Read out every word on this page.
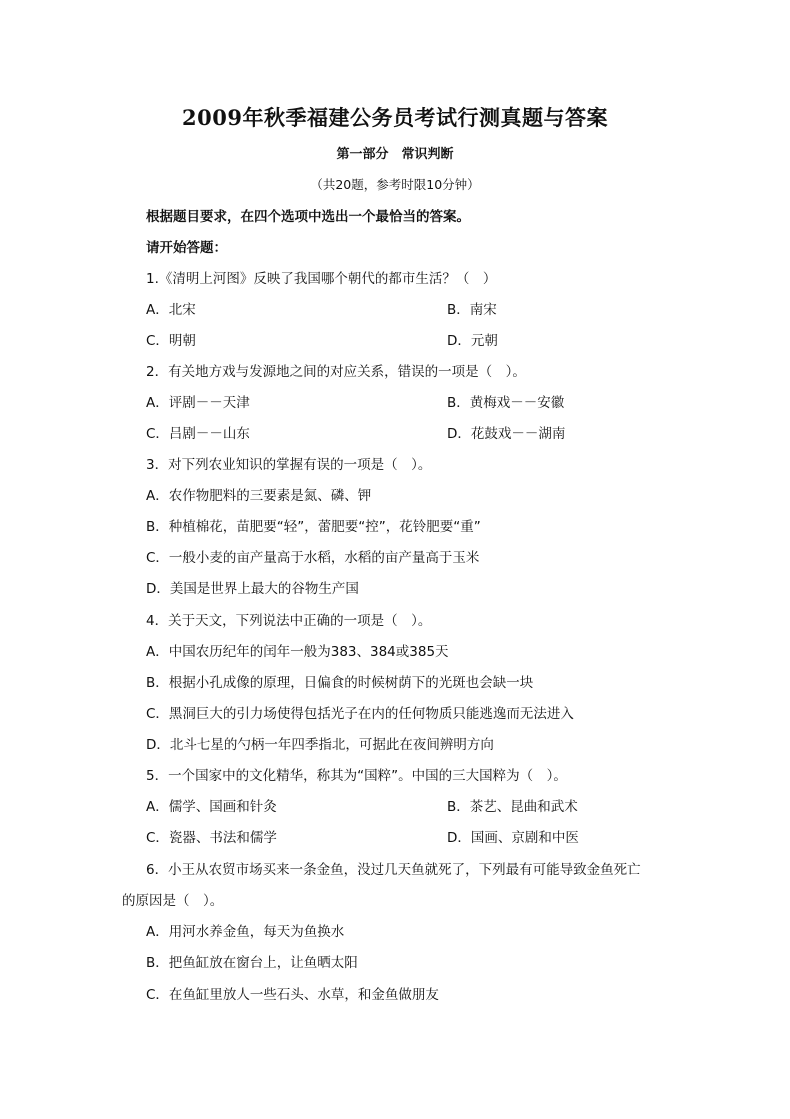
2009年秋季福建公务员考试行测真题与答案
第一部分　常识判断
（共20题，参考时限10分钟）
根据题目要求，在四个选项中选出一个最恰当的答案。
请开始答题：
1.《清明上河图》反映了我国哪个朝代的都市生活？（　）
A．北宋	B．南宋
C．明朝	D．元朝
2．有关地方戏与发源地之间的对应关系，错误的一项是（　）。
A．评剧－－天津	B．黄梅戏－－安徽
C．吕剧－－山东	D．花鼓戏－－湖南
3．对下列农业知识的掌握有误的一项是（　）。
A．农作物肥料的三要素是氮、磷、钾
B．种植棉花，苗肥要“轻”，蕾肥要“控”，花铃肥要“重”
C．一般小麦的亩产量高于水稻，水稻的亩产量高于玉米
D．美国是世界上最大的谷物生产国
4．关于天文，下列说法中正确的一项是（　）。
A．中国农历纪年的闰年一般为383、384或385天
B．根据小孔成像的原理，日偏食的时候树荫下的光斑也会缺一块
C．黑洞巨大的引力场使得包括光子在内的任何物质只能逃逸而无法进入
D．北斗七星的勺柄一年四季指北，可据此在夜间辨明方向
5．一个国家中的文化精华，称其为“国粹”。中国的三大国粹为（　）。
A．儒学、国画和针灸	B．茶艺、昆曲和武术
C．瓷器、书法和儒学	D．国画、京剧和中医
6．小王从农贸市场买来一条金鱼，没过几天鱼就死了，下列最有可能导致金鱼死亡
的原因是（　）。
A．用河水养金鱼，每天为鱼换水
B．把鱼缸放在窗台上，让鱼晒太阳
C．在鱼缸里放人一些石头、水草，和金鱼做朋友
